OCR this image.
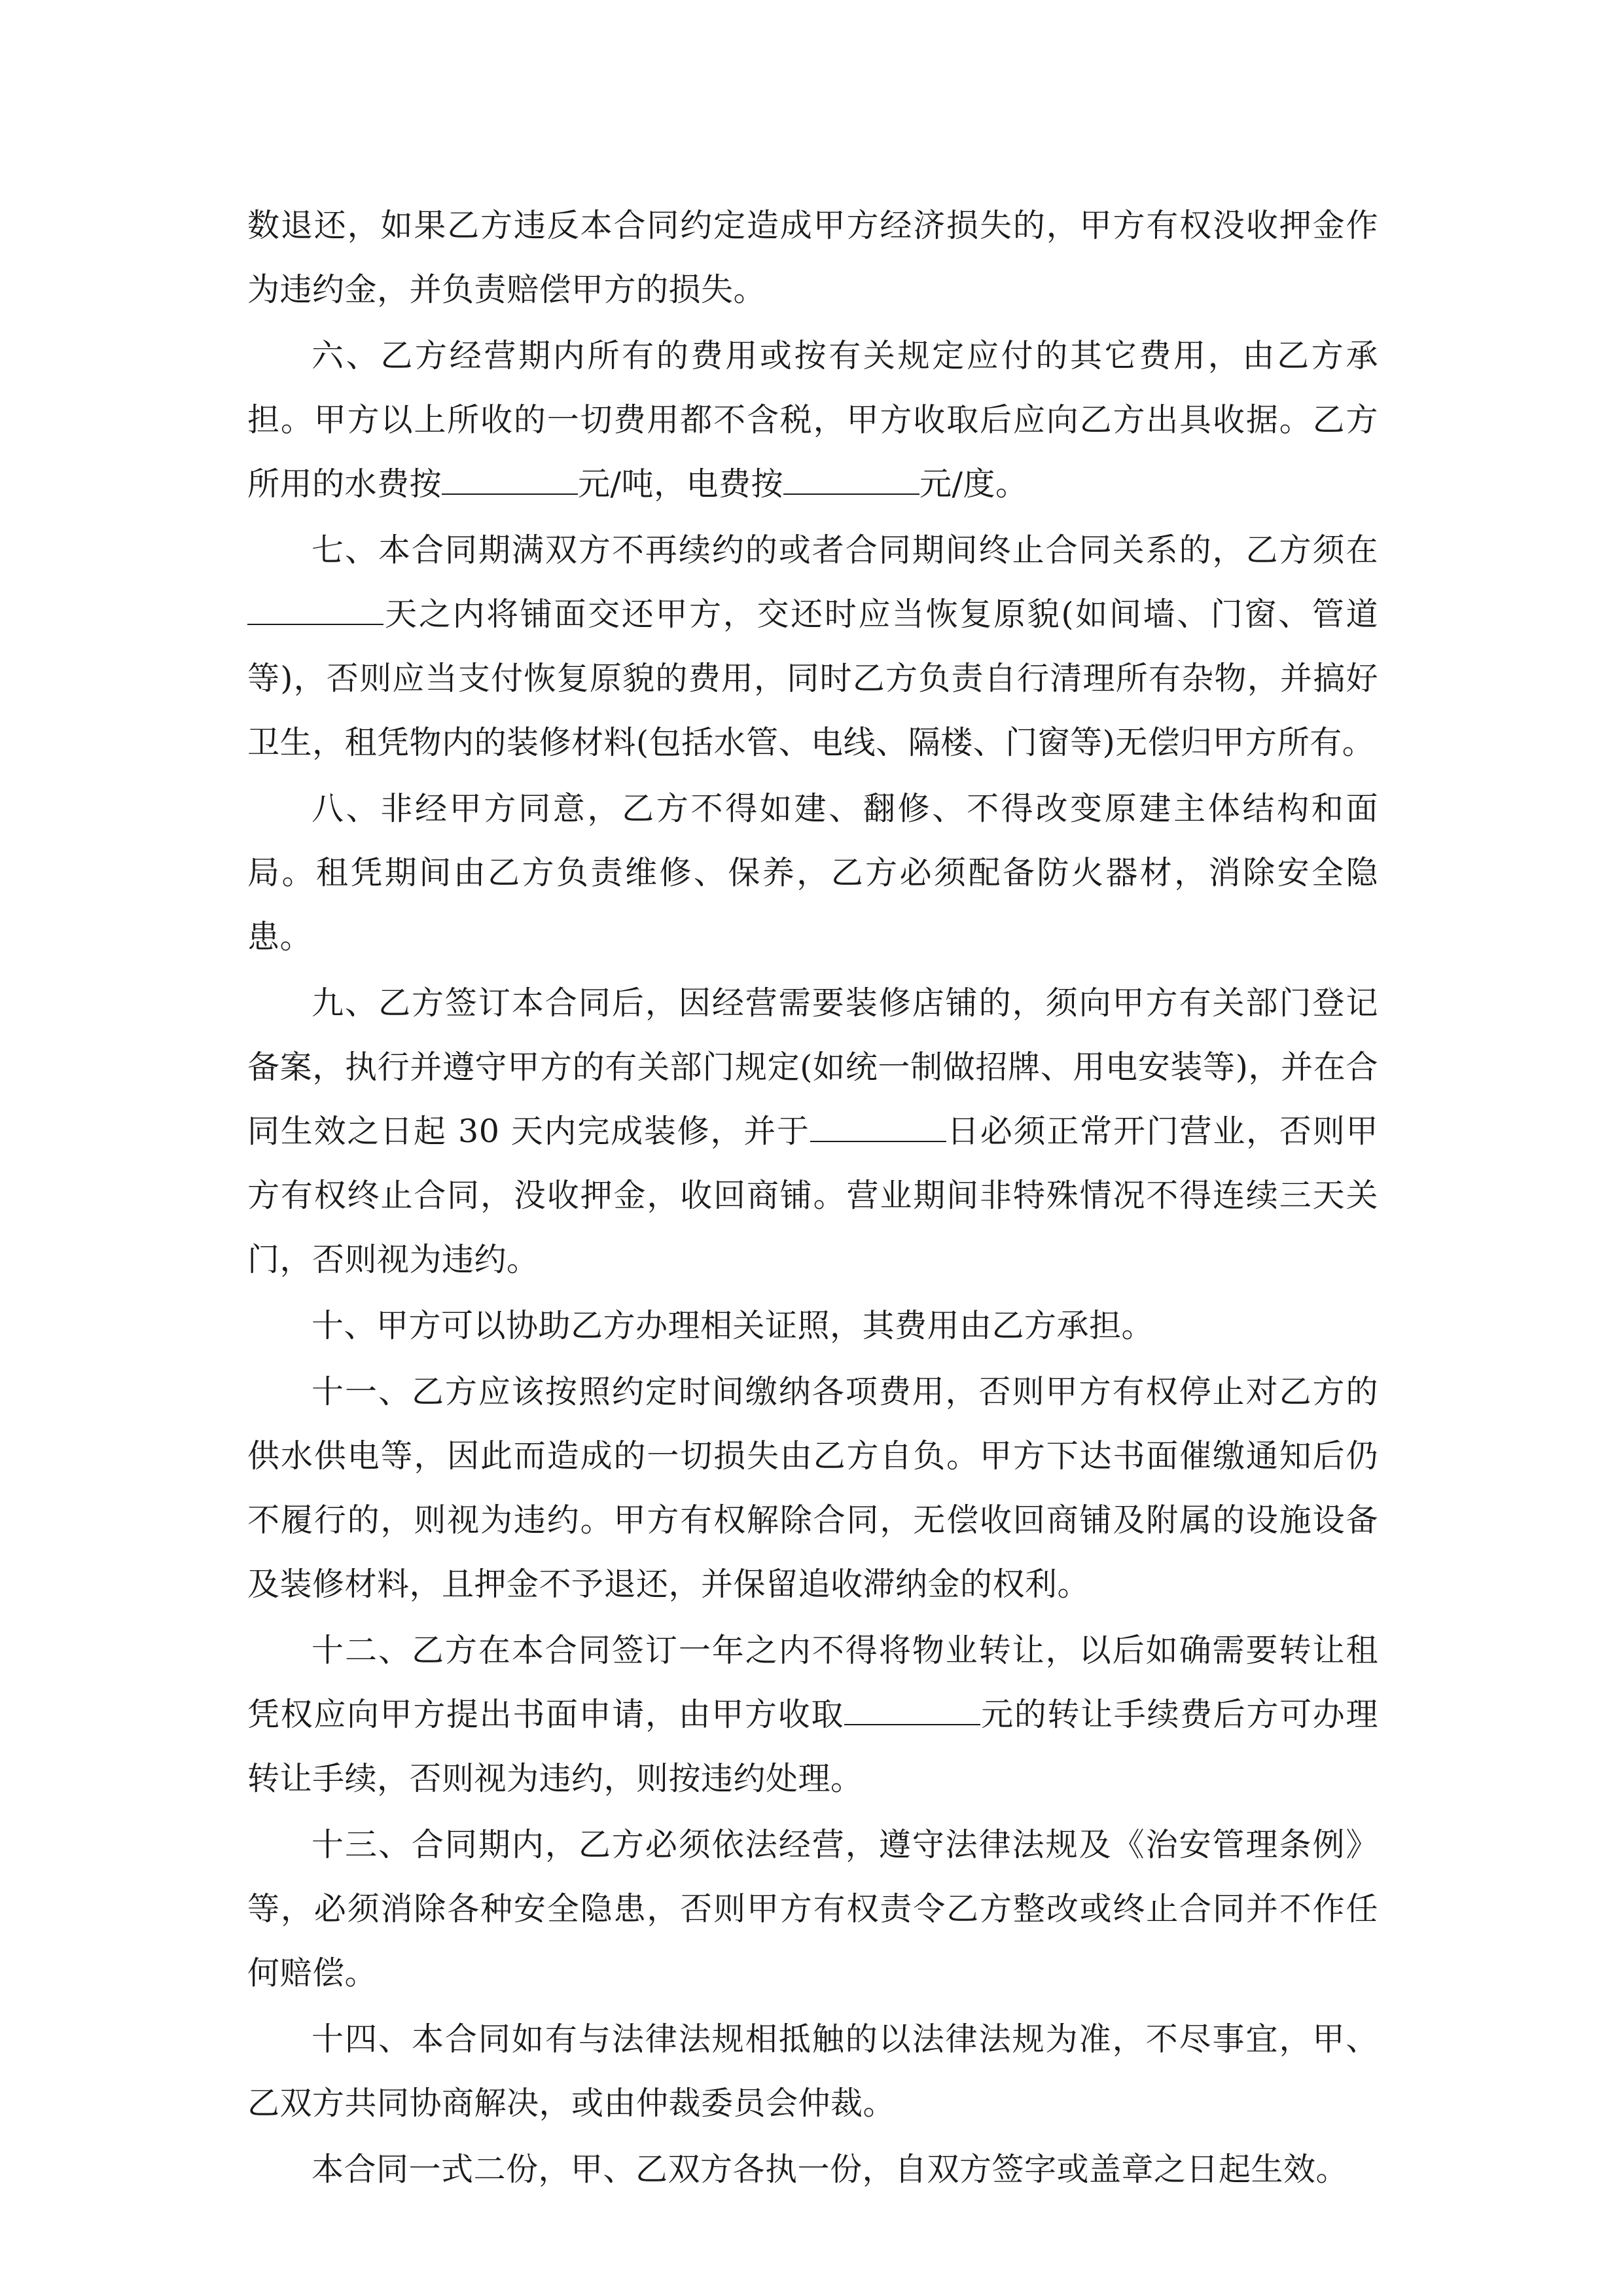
数退还，如果乙方违反本合同约定造成甲方经济损失的，甲方有权没收押金作为违约金，并负责赔偿甲方的损失。

六、乙方经营期内所有的费用或按有关规定应付的其它费用，由乙方承担。甲方以上所收的一切费用都不含税，甲方收取后应向乙方出具收据。乙方所用的水费按	元/吨，电费按	元/度。

七、本合同期满双方不再续约的或者合同期间终止合同关系的，乙方须在天之内将铺面交还甲方，交还时应当恢复原貌(如间墙、门窗、管道等)，否则应当支付恢复原貌的费用，同时乙方负责自行清理所有杂物，并搞好卫生，租凭物内的装修材料(包括水管、电线、隔楼、门窗等)无偿归甲方所有。

八、非经甲方同意，乙方不得如建、翻修、不得改变原建主体结构和面局。租凭期间由乙方负责维修、保养，乙方必须配备防火器材，消除安全隐患。

九、乙方签订本合同后，因经营需要装修店铺的，须向甲方有关部门登记备案，执行并遵守甲方的有关部门规定(如统一制做招牌、用电安装等)，并在合同生效之日起 30 天内完成装修，并于	日必须正常开门营业，否则甲方有权终止合同，没收押金，收回商铺。营业期间非特殊情况不得连续三天关门，否则视为违约。

十、甲方可以协助乙方办理相关证照，其费用由乙方承担。

十一、乙方应该按照约定时间缴纳各项费用，否则甲方有权停止对乙方的供水供电等，因此而造成的一切损失由乙方自负。甲方下达书面催缴通知后仍不履行的，则视为违约。甲方有权解除合同，无偿收回商铺及附属的设施设备及装修材料，且押金不予退还，并保留追收滞纳金的权利。

十二、乙方在本合同签订一年之内不得将物业转让，以后如确需要转让租凭权应向甲方提出书面申请，由甲方收取	元的转让手续费后方可办理转让手续，否则视为违约，则按违约处理。

十三、合同期内，乙方必须依法经营，遵守法律法规及《治安管理条例》等，必须消除各种安全隐患，否则甲方有权责令乙方整改或终止合同并不作任何赔偿。

十四、本合同如有与法律法规相抵触的以法律法规为准，不尽事宜，甲、乙双方共同协商解决，或由仲裁委员会仲裁。

本合同一式二份，甲、乙双方各执一份，自双方签字或盖章之日起生效。
